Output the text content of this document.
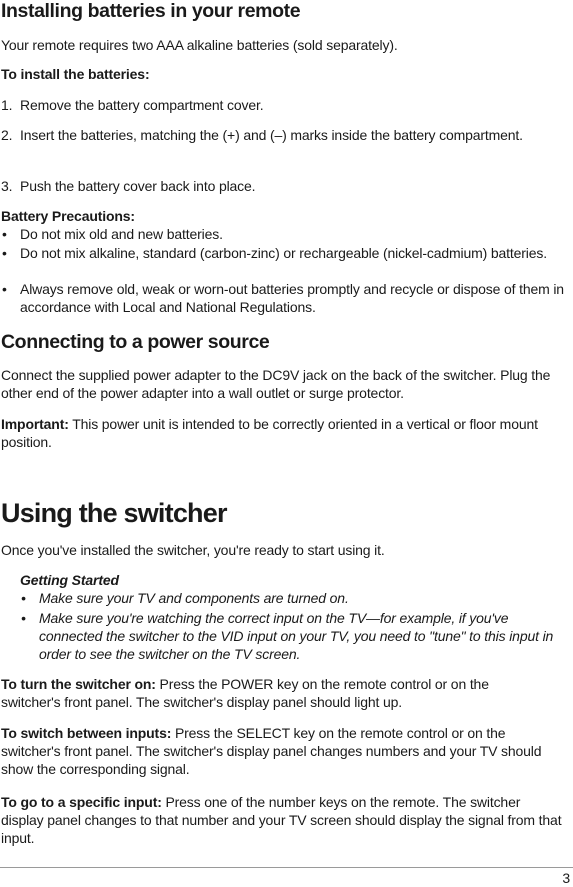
Installing batteries in your remote
Your remote requires two AAA alkaline batteries (sold separately).
To install the batteries:
1. Remove the battery compartment cover.
2. Insert the batteries, matching the (+) and (–) marks inside the battery compartment.
3. Push the battery cover back into place.
Battery Precautions:
• Do not mix old and new batteries.
• Do not mix alkaline, standard (carbon-zinc) or rechargeable (nickel-cadmium) batteries.
• Always remove old, weak or worn-out batteries promptly and recycle or dispose of them in accordance with Local and National Regulations.
Connecting to a power source
Connect the supplied power adapter to the DC9V jack on the back of the switcher. Plug the other end of the power adapter into a wall outlet or surge protector.
Important: This power unit is intended to be correctly oriented in a vertical or floor mount position.
Using the switcher
Once you've installed the switcher, you're ready to start using it.
Getting Started
• Make sure your TV and components are turned on.
• Make sure you're watching the correct input on the TV—for example, if you've connected the switcher to the VID input on your TV, you need to "tune" to this input in order to see the switcher on the TV screen.
To turn the switcher on: Press the POWER key on the remote control or on the switcher's front panel. The switcher's display panel should light up.
To switch between inputs: Press the SELECT key on the remote control or on the switcher's front panel. The switcher's display panel changes numbers and your TV should show the corresponding signal.
To go to a specific input: Press one of the number keys on the remote. The switcher display panel changes to that number and your TV screen should display the signal from that input.
3
